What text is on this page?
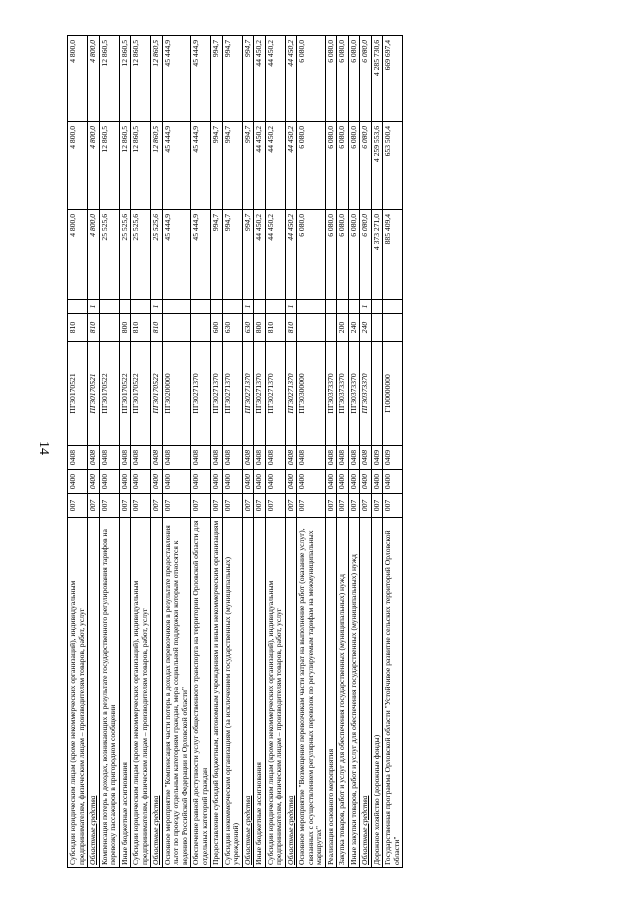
14
Субсидии юридическим лицам (кроме некоммерческих организаций), индивидуальным предпринимателям, физическим лицам – производителям товаров, работ, услуг	007	0400	0408	ПГ30170521	810		4 800,0	4 800,0	4 800,0
Областные средства	007	0400	0408	ПГ30170521	810	1	4 800,0	4 800,0	4 800,0
Компенсация потерь в доходах, возникающих в результате государственного регулирования тарифов на перевозку пассажиров в пригородном сообщении	007	0400	0408	ПГ30170522			25 525,6	12 860,5	12 860,5
Иные бюджетные ассигнования	007	0400	0408	ПГ30170522	800		25 525,6	12 860,5	12 860,5
Субсидии юридическим лицам (кроме некоммерческих организаций), индивидуальным предпринимателям, физическим лицам – производителям товаров, работ, услуг	007	0400	0408	ПГ30170522	810		25 525,6	12 860,5	12 860,5
Областные средства	007	0400	0408	ПГ30170522	810	1	25 525,6	12 860,5	12 860,5
Основное мероприятие "Компенсация части потерь в доходах перевозчиков в результате предоставления льгот по проезду отдельным категориям граждан, мера социальной поддержки которым относятся к ведению Российской Федерации и Орловской области"	007	0400	0408	ПГ30200000			45 444,9	45 444,9	45 444,9
Обеспечение равной доступности услуг общественного транспорта на территории Орловской области для отдельных категорий граждан	007	0400	0408	ПГ30271370			45 444,9	45 444,9	45 444,9
Предоставление субсидий бюджетным, автономным учреждениям и иным некоммерческим организациям	007	0400	0408	ПГ30271370	600		994,7	994,7	994,7
Субсидии некоммерческим организациям (за исключением государственных (муниципальных) учреждений)	007	0400	0408	ПГ30271370	630		994,7	994,7	994,7
Областные средства	007	0400	0408	ПГ30271370	630	1	994,7	994,7	994,7
Иные бюджетные ассигнования	007	0400	0408	ПГ30271370	800		44 450,2	44 450,2	44 450,2
Субсидии юридическим лицам (кроме некоммерческих организаций), индивидуальным предпринимателям, физическим лицам – производителям товаров, работ, услуг	007	0400	0408	ПГ30271370	810		44 450,2	44 450,2	44 450,2
Областные средства	007	0400	0408	ПГ30271370	810	1	44 450,2	44 450,2	44 450,2
Основное мероприятие "Возмещение перевозчикам части затрат на выполнение работ (оказание услуг), связанных с осуществлением регулярных перевозок по регулируемым тарифам на межмуниципальных маршрутах"	007	0400	0408	ПГ30300000			6 080,0	6 080,0	6 080,0
Реализация основного мероприятия	007	0400	0408	ПГ30373370			6 080,0	6 080,0	6 080,0
Закупка товаров, работ и услуг для обеспечения государственных (муниципальных) нужд	007	0400	0408	ПГ30373370	200		6 080,0	6 080,0	6 080,0
Иные закупки товаров, работ и услуг для обеспечения государственных (муниципальных) нужд	007	0400	0408	ПГ30373370	240		6 080,0	6 080,0	6 080,0
Областные средства	007	0400	0408	ПГ30373370	240	1	6 080,0	6 080,0	6 080,0
Дорожное хозяйство (дорожные фонды)	007	0400	0409				4 373 271,0	4 259 553,6	4 285 730,6
Государственная программа Орловской области "Устойчивое развитие сельских территорий Орловской области"	007	0400	0409	Г100000000			885 409,4	653 500,4	669 697,4
